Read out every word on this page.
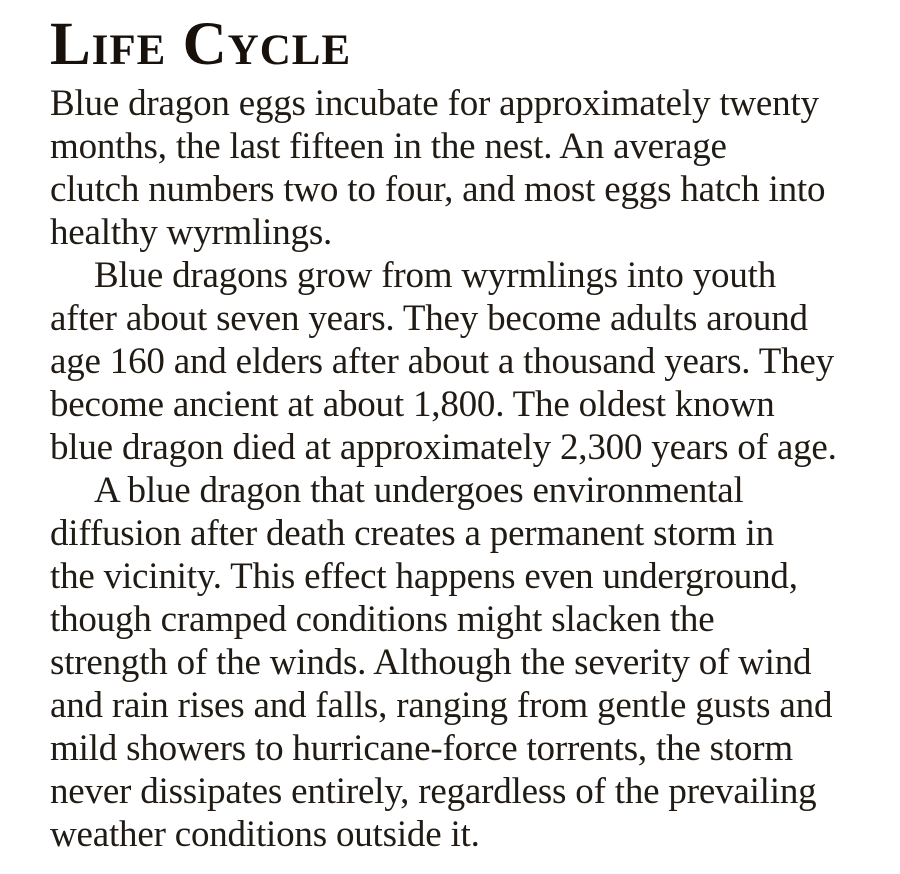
Life Cycle
Blue dragon eggs incubate for approximately twenty
months, the last fifteen in the nest. An average
clutch numbers two to four, and most eggs hatch into
healthy wyrmlings.
Blue dragons grow from wyrmlings into youth
after about seven years. They become adults around
age 160 and elders after about a thousand years. They
become ancient at about 1,800. The oldest known
blue dragon died at approximately 2,300 years of age.
A blue dragon that undergoes environmental
diffusion after death creates a permanent storm in
the vicinity. This effect happens even underground,
though cramped conditions might slacken the
strength of the winds. Although the severity of wind
and rain rises and falls, ranging from gentle gusts and
mild showers to hurricane-force torrents, the storm
never dissipates entirely, regardless of the prevailing
weather conditions outside it.
